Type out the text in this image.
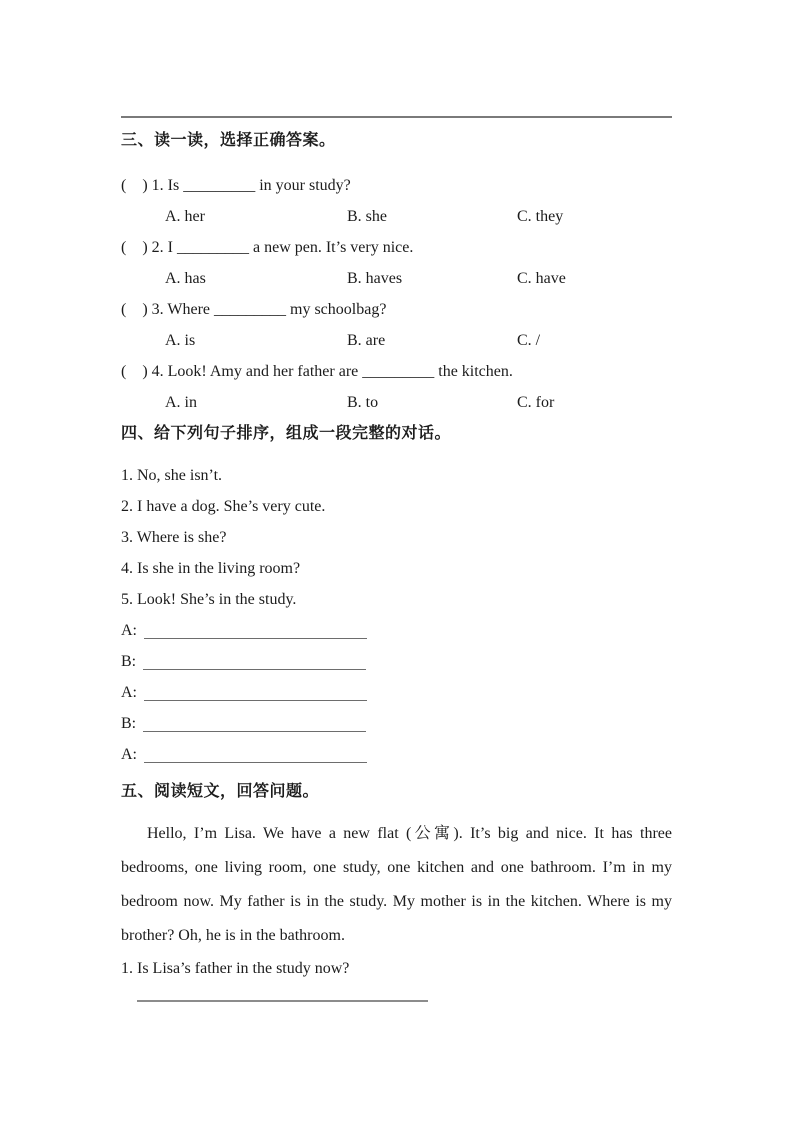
三、读一读，选择正确答案。
(    ) 1. Is _________ in your study?
A. her	B. she	C. they
(    ) 2. I _________ a new pen. It’s very nice.
A. has	B. haves	C. have
(    ) 3. Where _________ my schoolbag?
A. is	B. are	C. /
(    ) 4. Look! Amy and her father are _________ the kitchen.
A. in	B. to	C. for
四、给下列句子排序，组成一段完整的对话。
1. No, she isn’t.
2. I have a dog. She’s very cute.
3. Where is she?
4. Is she in the living room?
5. Look! She’s in the study.
A:
B:
A:
B:
A:
五、阅读短文，回答问题。
Hello, I’m Lisa. We have a new flat (公寓). It’s big and nice. It has three bedrooms, one living room, one study, one kitchen and one bathroom. I’m in my bedroom now. My father is in the study. My mother is in the kitchen. Where is my brother? Oh, he is in the bathroom.
1. Is Lisa’s father in the study now?
